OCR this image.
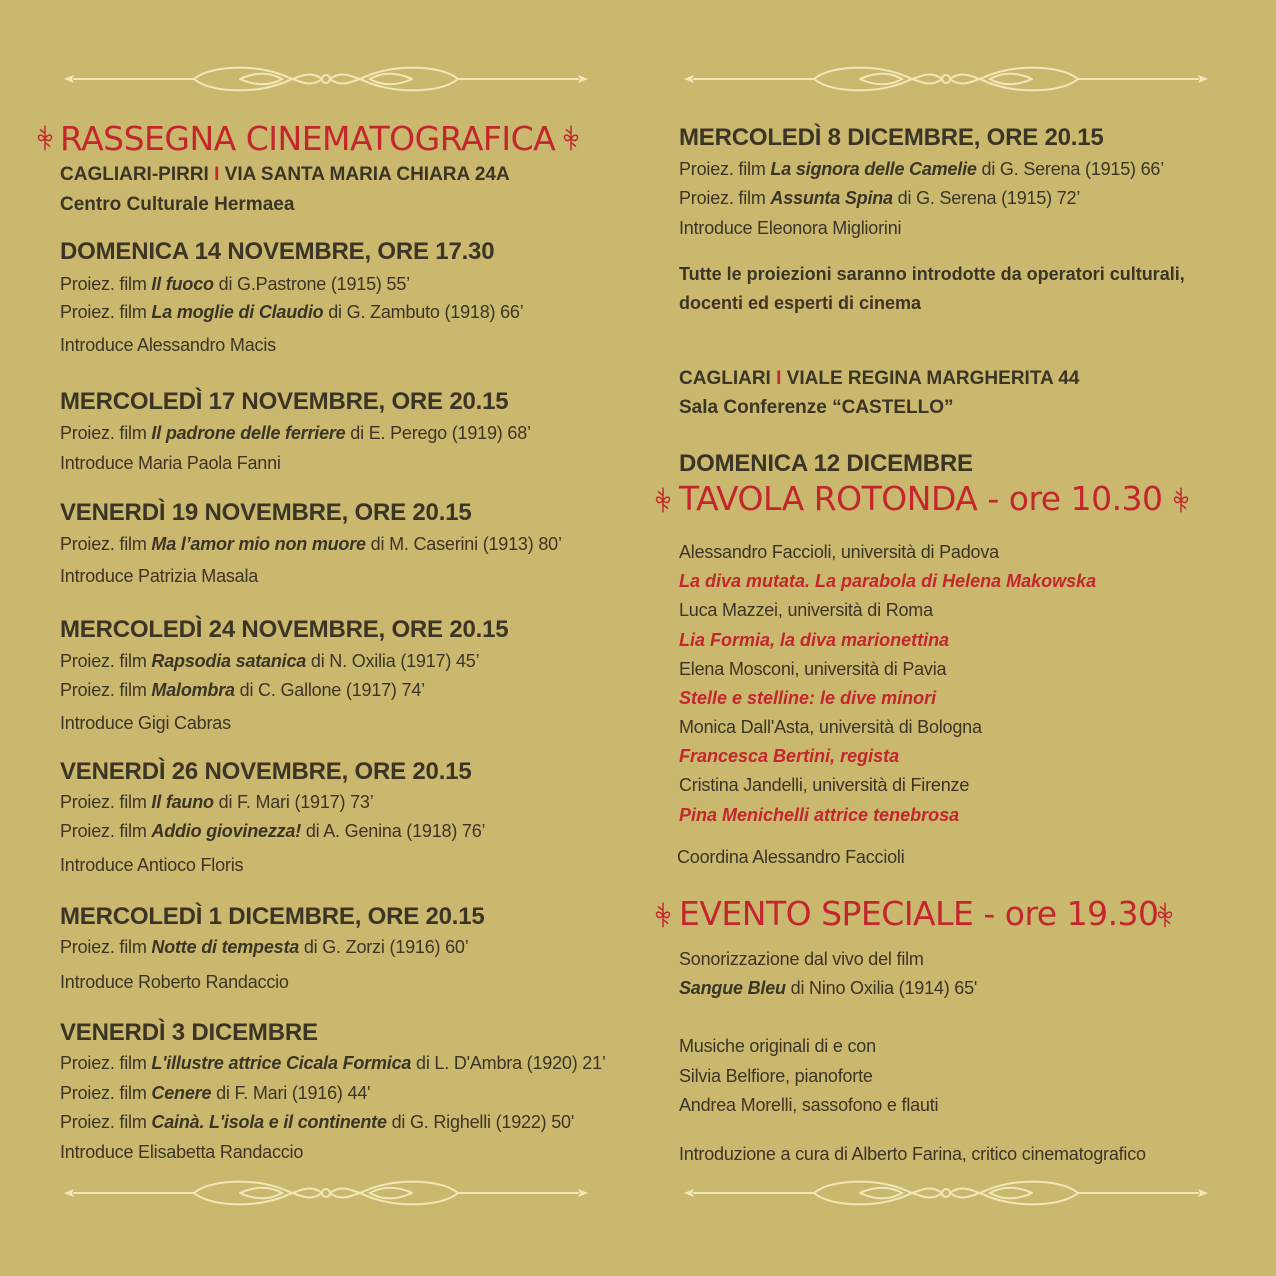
RASSEGNA CINEMATOGRAFICA
CAGLIARI-PIRRI I VIA SANTA MARIA CHIARA 24A
Centro Culturale Hermaea
DOMENICA 14 NOVEMBRE, ORE 17.30
Proiez. film Il fuoco di G.Pastrone (1915) 55’
Proiez. film La moglie di Claudio di G. Zambuto (1918) 66’
Introduce Alessandro Macis
MERCOLEDÌ 17 NOVEMBRE, ORE 20.15
Proiez. film Il padrone delle ferriere di E. Perego (1919) 68’
Introduce Maria Paola Fanni
VENERDÌ 19 NOVEMBRE, ORE 20.15
Proiez. film Ma l’amor mio non muore di M. Caserini (1913) 80’
Introduce Patrizia Masala
MERCOLEDÌ 24 NOVEMBRE, ORE 20.15
Proiez. film Rapsodia satanica di N. Oxilia (1917) 45’
Proiez. film Malombra di C. Gallone (1917) 74’
Introduce Gigi Cabras
VENERDÌ 26 NOVEMBRE, ORE 20.15
Proiez. film Il fauno di F. Mari (1917) 73’
Proiez. film Addio giovinezza! di A. Genina (1918) 76’
Introduce Antioco Floris
MERCOLEDÌ 1 DICEMBRE, ORE 20.15
Proiez. film Notte di tempesta di G. Zorzi (1916) 60’
Introduce Roberto Randaccio
VENERDÌ 3 DICEMBRE
Proiez. film L'illustre attrice Cicala Formica di L. D'Ambra (1920) 21’
Proiez. film Cenere di F. Mari (1916) 44'
Proiez. film Cainà. L'isola e il continente di G. Righelli (1922) 50'
Introduce Elisabetta Randaccio
MERCOLEDÌ 8 DICEMBRE, ORE 20.15
Proiez. film La signora delle Camelie di G. Serena (1915) 66’
Proiez. film Assunta Spina di G. Serena (1915) 72’
Introduce Eleonora Migliorini
Tutte le proiezioni saranno introdotte da operatori culturali,
docenti ed esperti di cinema
CAGLIARI I VIALE REGINA MARGHERITA 44
Sala Conferenze “CASTELLO”
DOMENICA 12 DICEMBRE
TAVOLA ROTONDA - ore 10.30
Alessandro Faccioli, università di Padova
La diva mutata. La parabola di Helena Makowska
Luca Mazzei, università di Roma
Lia Formia, la diva marionettina
Elena Mosconi, università di Pavia
Stelle e stelline: le dive minori
Monica Dall'Asta, università di Bologna
Francesca Bertini, regista
Cristina Jandelli, università di Firenze
Pina Menichelli attrice tenebrosa
Coordina Alessandro Faccioli
EVENTO SPECIALE - ore 19.30
Sonorizzazione dal vivo del film
Sangue Bleu di Nino Oxilia (1914) 65'
Musiche originali di e con
Silvia Belfiore, pianoforte
Andrea Morelli, sassofono e flauti
Introduzione a cura di Alberto Farina, critico cinematografico
